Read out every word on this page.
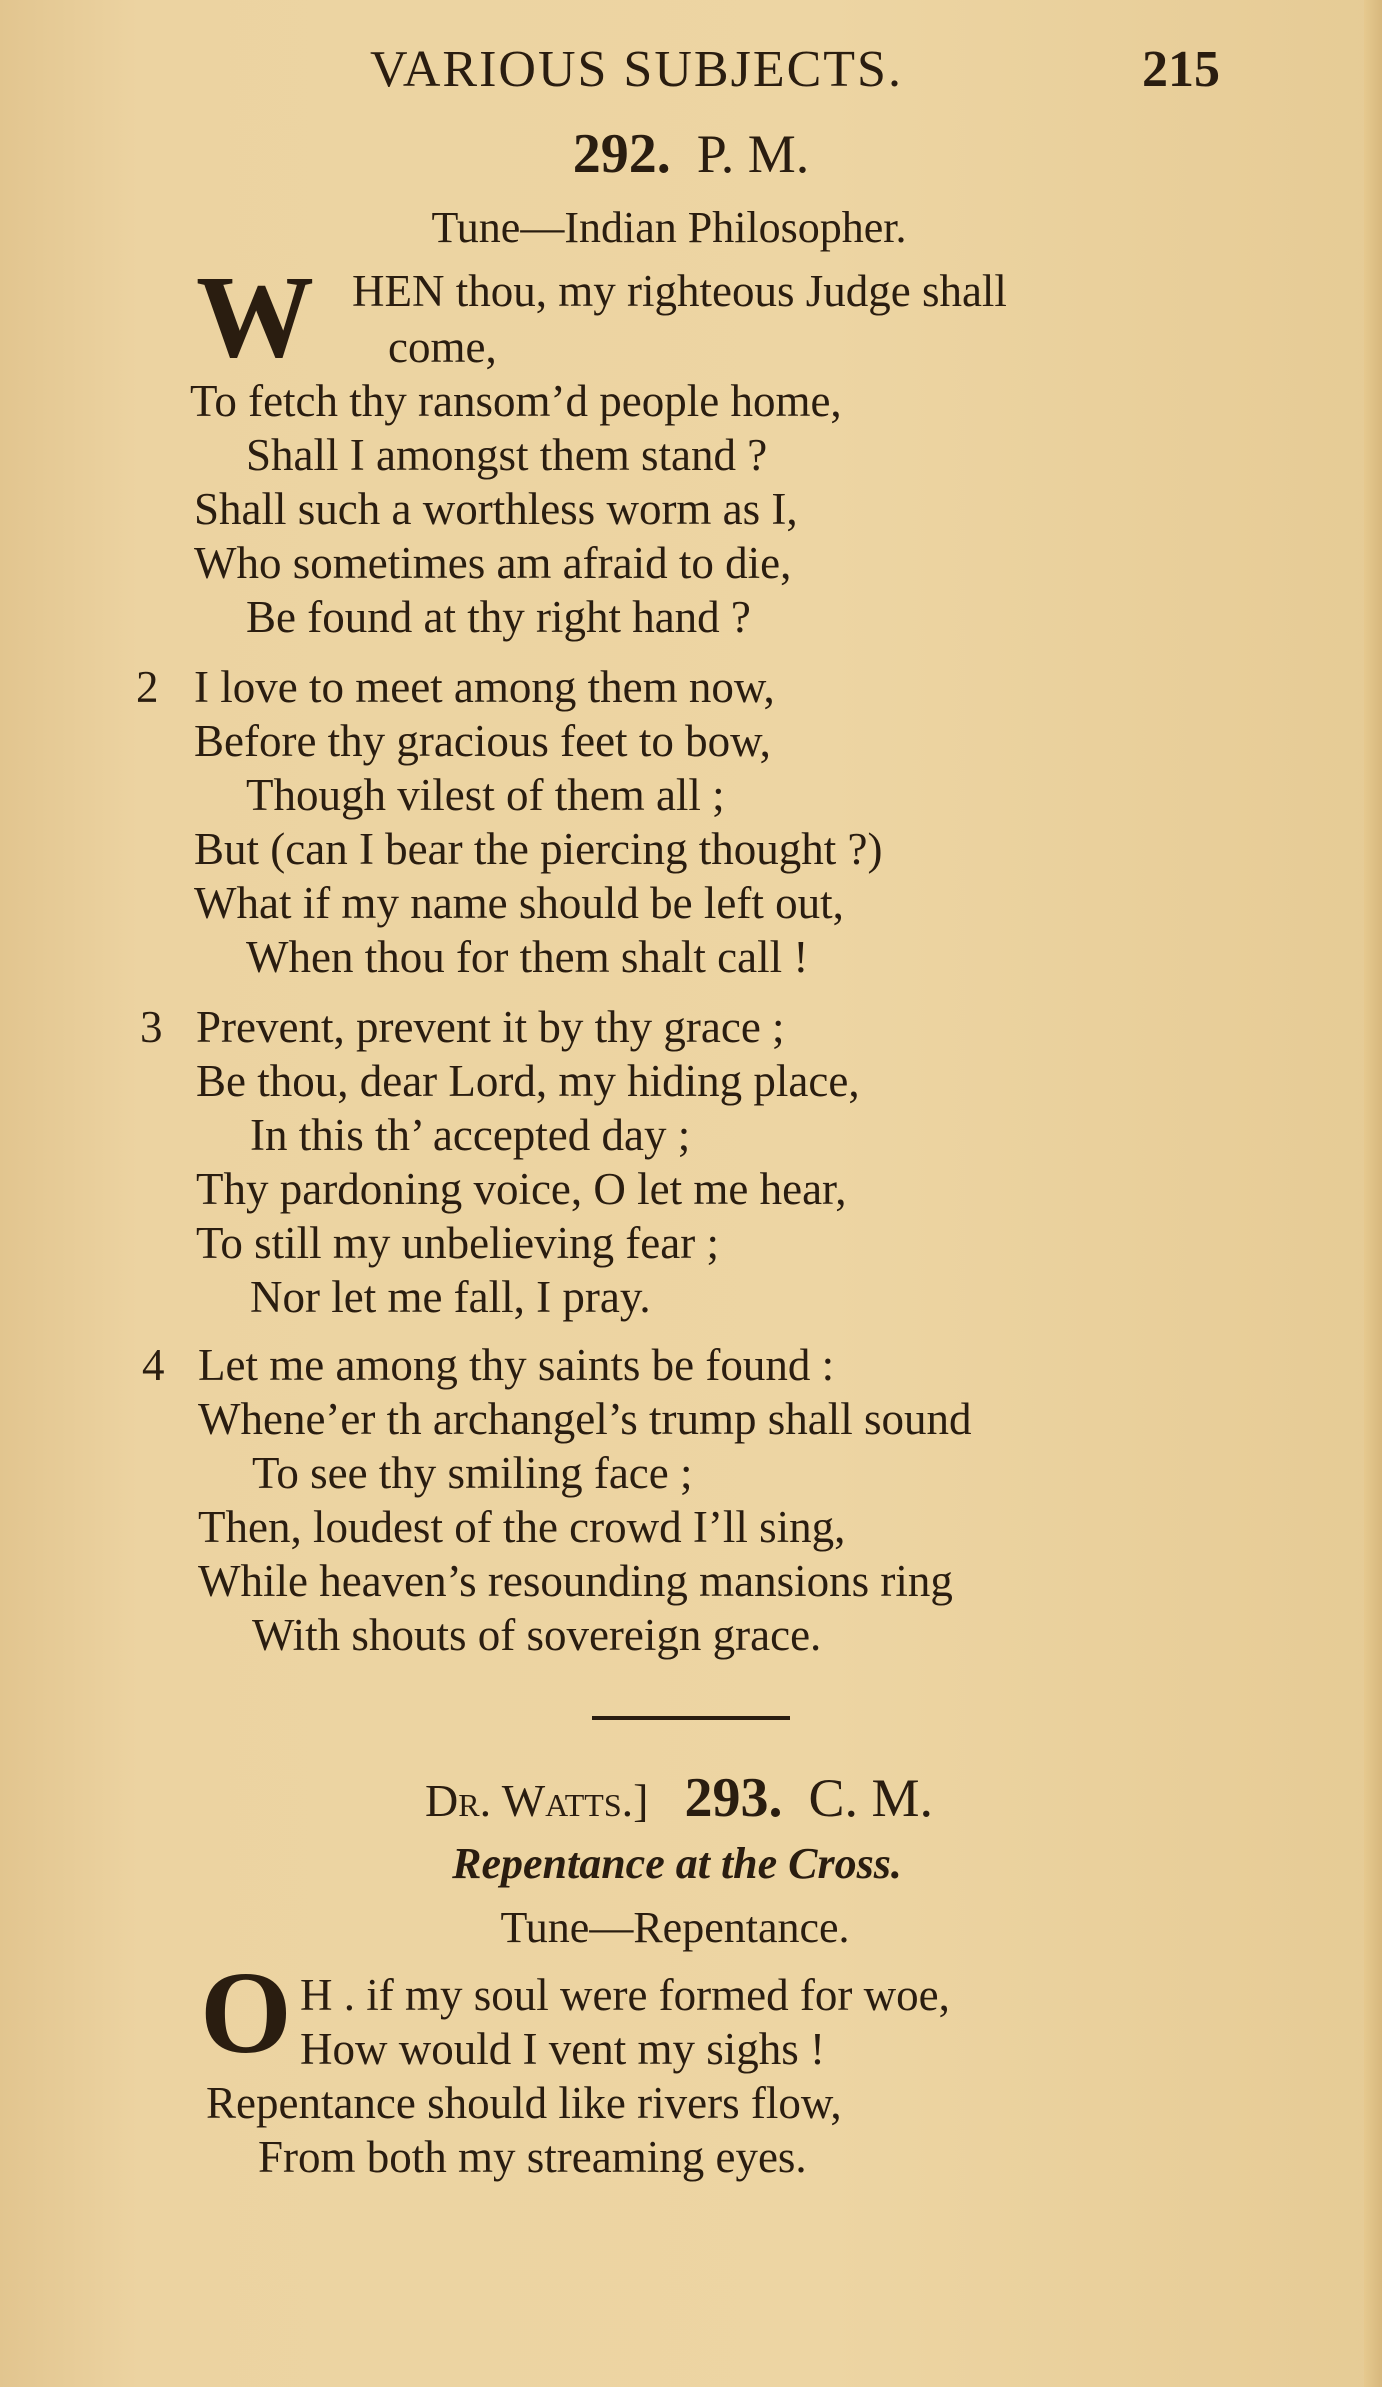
VARIOUS SUBJECTS.	215
292. P. M.
Tune—Indian Philosopher.
W HEN thou, my righteous Judge shall
come,
To fetch thy ransom’d people home,
Shall I amongst them stand ?
Shall such a worthless worm as I,
Who sometimes am afraid to die,
Be found at thy right hand ?
2 I love to meet among them now,
Before thy gracious feet to bow,
Though vilest of them all ;
But (can I bear the piercing thought ?)
What if my name should be left out,
When thou for them shalt call !
3 Prevent, prevent it by thy grace ;
Be thou, dear Lord, my hiding place,
In this th’ accepted day ;
Thy pardoning voice, O let me hear,
To still my unbelieving fear ;
Nor let me fall, I pray.
4 Let me among thy saints be found :
Whene’er th archangel’s trump shall sound
To see thy smiling face ;
Then, loudest of the crowd I’ll sing,
While heaven’s resounding mansions ring
With shouts of sovereign grace.
Dr. Watts.] 293. C. M.
Repentance at the Cross.
Tune—Repentance.
O H . if my soul were formed for woe,
How would I vent my sighs !
Repentance should like rivers flow,
From both my streaming eyes.
